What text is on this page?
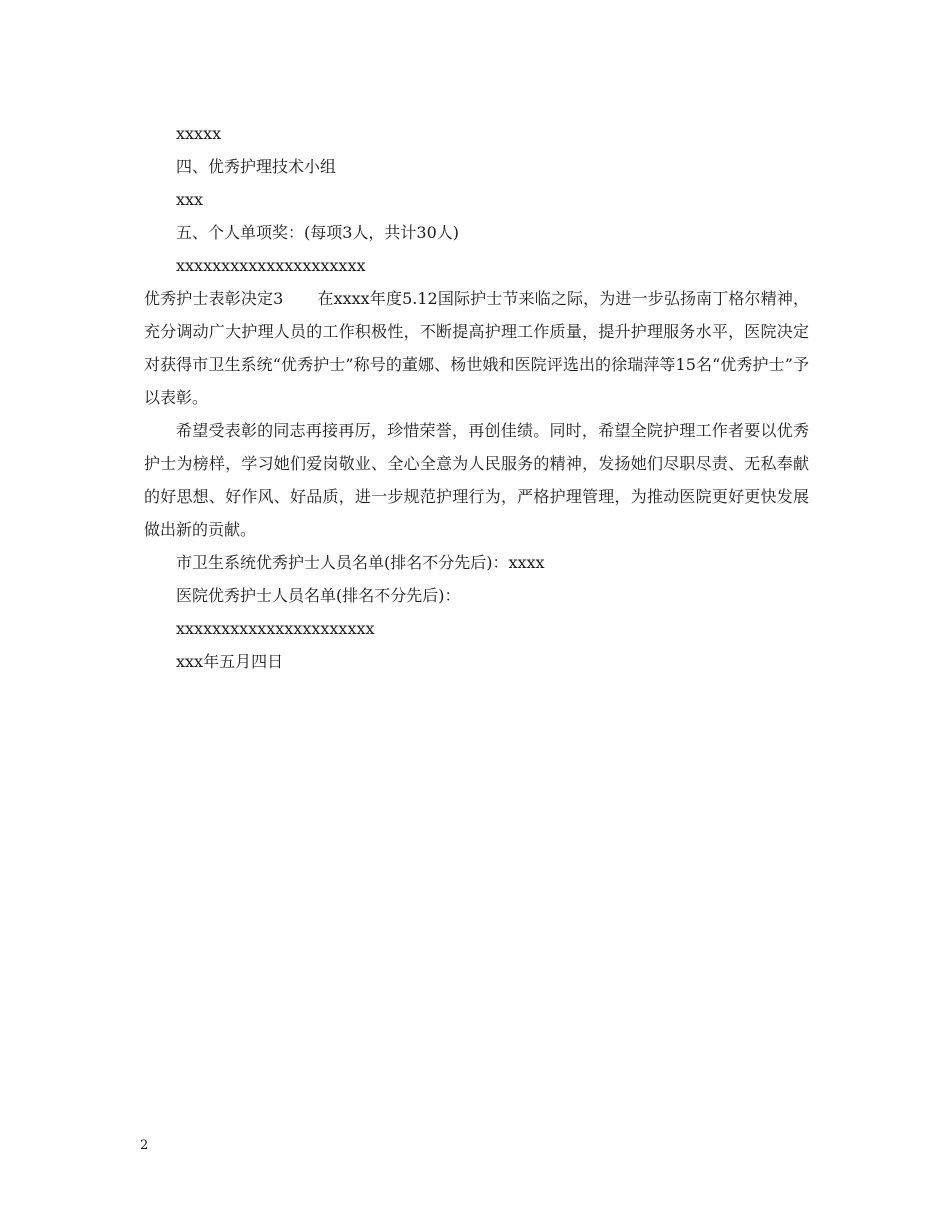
xxxxx
四、优秀护理技术小组
xxx
五、个人单项奖：(每项3人，共计30人)
xxxxxxxxxxxxxxxxxxxxx
优秀护士表彰决定3 在xxxx年度5.12国际护士节来临之际，为进一步弘扬南丁格尔精神，充分调动广大护理人员的工作积极性，不断提高护理工作质量，提升护理服务水平，医院决定对获得市卫生系统“优秀护士”称号的董娜、杨世娥和医院评选出的徐瑞萍等15名“优秀护士”予以表彰。
希望受表彰的同志再接再厉，珍惜荣誉，再创佳绩。同时，希望全院护理工作者要以优秀护士为榜样，学习她们爱岗敬业、全心全意为人民服务的精神，发扬她们尽职尽责、无私奉献的好思想、好作风、好品质，进一步规范护理行为，严格护理管理，为推动医院更好更快发展做出新的贡献。
市卫生系统优秀护士人员名单(排名不分先后)：xxxx
医院优秀护士人员名单(排名不分先后)：
xxxxxxxxxxxxxxxxxxxxxx
xxx年五月四日
2
